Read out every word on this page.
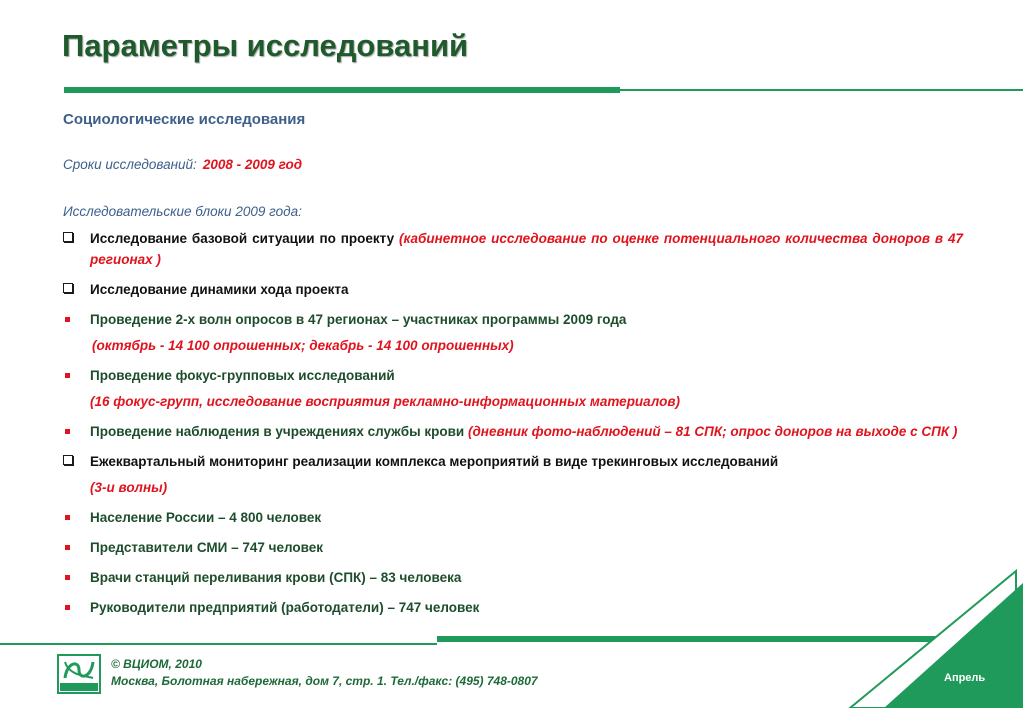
Параметры исследований
Социологические исследования
Сроки исследований: 2008 - 2009 год
Исследовательские блоки 2009 года:
Исследование базовой ситуации по проекту (кабинетное исследование по оценке потенциального количества доноров в 47 регионах )
Исследование динамики хода проекта
Проведение 2-х волн опросов в 47 регионах – участниках программы 2009 года
(октябрь - 14 100 опрошенных; декабрь - 14 100 опрошенных)
Проведение фокус-групповых исследований
(16 фокус-групп, исследование восприятия рекламно-информационных материалов)
Проведение наблюдения в учреждениях службы крови (дневник фото-наблюдений – 81 СПК; опрос доноров на выходе с СПК )
Ежеквартальный мониторинг реализации комплекса мероприятий в виде трекинговых исследований
(3-и волны)
Население России – 4 800 человек
Представители СМИ – 747 человек
Врачи станций переливания крови (СПК) – 83 человека
Руководители предприятий (работодатели) – 747 человек
Апрель
© ВЦИОМ, 2010
Москва, Болотная набережная, дом 7, стр. 1. Тел./факс: (495) 748-0807
